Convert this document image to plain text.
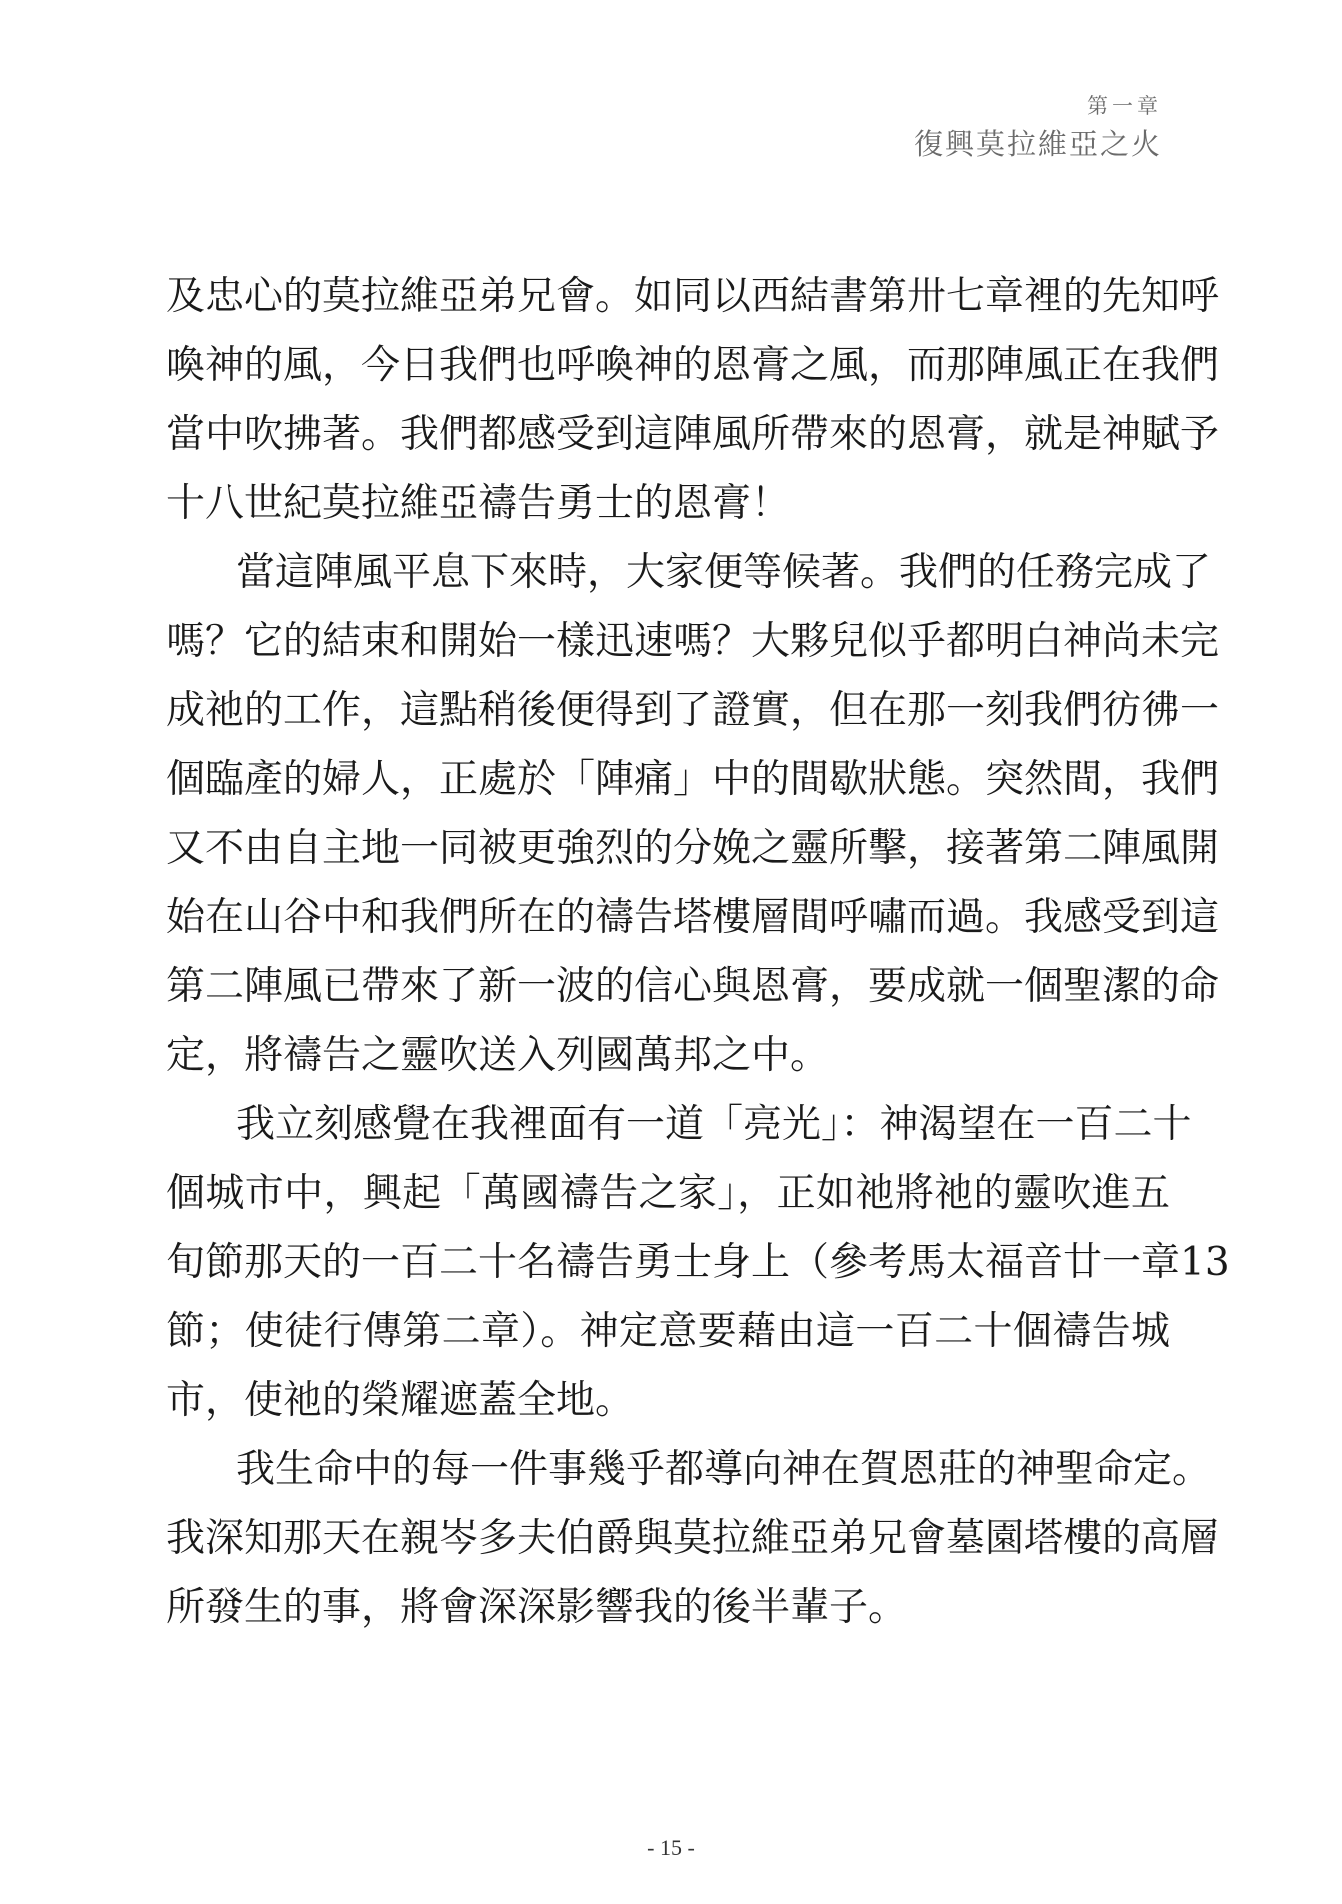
第一章
復興莫拉維亞之火
及忠心的莫拉維亞弟兄會。如同以西結書第卅七章裡的先知呼
喚神的風，今日我們也呼喚神的恩膏之風，而那陣風正在我們
當中吹拂著。我們都感受到這陣風所帶來的恩膏，就是神賦予
十八世紀莫拉維亞禱告勇士的恩膏！
當這陣風平息下來時，大家便等候著。我們的任務完成了
嗎？它的結束和開始一樣迅速嗎？大夥兒似乎都明白神尚未完
成祂的工作，這點稍後便得到了證實，但在那一刻我們彷彿一
個臨產的婦人，正處於「陣痛」中的間歇狀態。突然間，我們
又不由自主地一同被更強烈的分娩之靈所擊，接著第二陣風開
始在山谷中和我們所在的禱告塔樓層間呼嘯而過。我感受到這
第二陣風已帶來了新一波的信心與恩膏，要成就一個聖潔的命
定，將禱告之靈吹送入列國萬邦之中。
我立刻感覺在我裡面有一道「亮光」：神渴望在一百二十
個城市中，興起「萬國禱告之家」，正如祂將祂的靈吹進五
旬節那天的一百二十名禱告勇士身上（參考馬太福音廿一章13
節；使徒行傳第二章）。神定意要藉由這一百二十個禱告城
市，使祂的榮耀遮蓋全地。
我生命中的每一件事幾乎都導向神在賀恩莊的神聖命定。
我深知那天在親岑多夫伯爵與莫拉維亞弟兄會墓園塔樓的高層
所發生的事，將會深深影響我的後半輩子。
- 15 -
